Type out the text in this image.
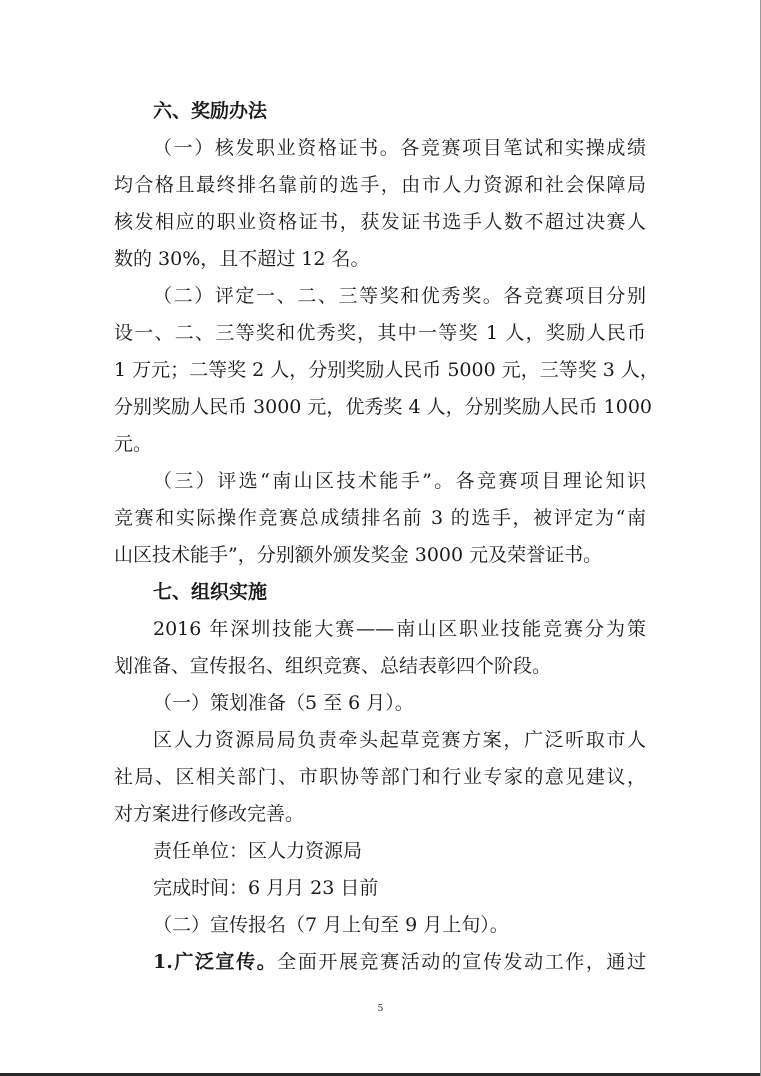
六、奖励办法

（一）核发职业资格证书。各竞赛项目笔试和实操成绩

均合格且最终排名靠前的选手，由市人力资源和社会保障局

核发相应的职业资格证书，获发证书选手人数不超过决赛人

数的 30%，且不超过 12 名。

（二）评定一、二、三等奖和优秀奖。各竞赛项目分别

设一、二、三等奖和优秀奖，其中一等奖 1 人，奖励人民币

1 万元；二等奖 2 人，分别奖励人民币 5000 元，三等奖 3 人，

分别奖励人民币 3000 元，优秀奖 4 人，分别奖励人民币 1000

元。

（三）评选“南山区技术能手”。各竞赛项目理论知识

竞赛和实际操作竞赛总成绩排名前 3 的选手，被评定为“南

山区技术能手”，分别额外颁发奖金 3000 元及荣誉证书。

七、组织实施

2016 年深圳技能大赛——南山区职业技能竞赛分为策

划准备、宣传报名、组织竞赛、总结表彰四个阶段。

（一）策划准备（5 至 6 月）。

区人力资源局局负责牵头起草竞赛方案，广泛听取市人

社局、区相关部门、市职协等部门和行业专家的意见建议，

对方案进行修改完善。

责任单位：区人力资源局

完成时间：6 月月 23 日前

（二）宣传报名（7 月上旬至 9 月上旬）。

1.广泛宣传。全面开展竞赛活动的宣传发动工作，通过

5
